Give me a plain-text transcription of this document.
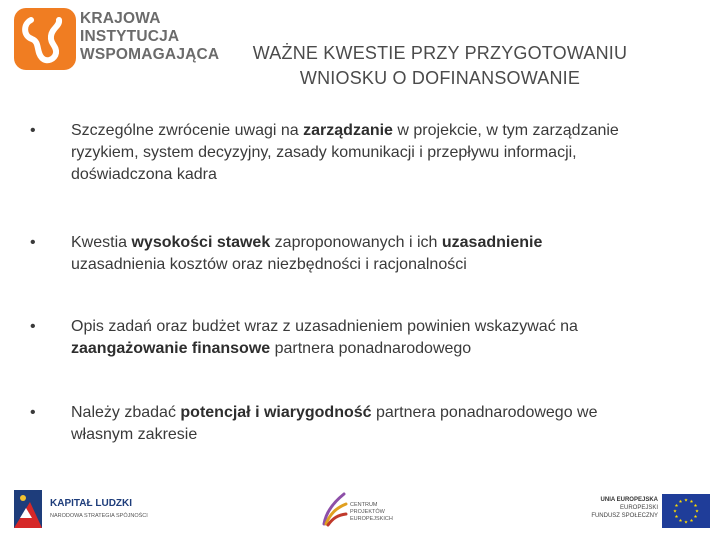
KRAJOWA
INSTYTUCJA
WSPOMAGAJĄCA	WAŻNE KWESTIE PRZY PRZYGOTOWANIU
WNIOSKU O DOFINANSOWANIE
•	Szczególne zwrócenie uwagi na zarządzanie w projekcie, w tym zarządzanie
ryzykiem, system decyzyjny, zasady komunikacji i przepływu informacji,
doświadczona kadra
•	Kwestia wysokości stawek zaproponowanych i ich uzasadnienie
uzasadnienia kosztów oraz niezbędności i racjonalności
•	Opis zadań oraz budżet wraz z uzasadnieniem powinien wskazywać na
zaangażowanie finansowe partnera ponadnarodowego
•	Należy zbadać potencjał i wiarygodność partnera ponadnarodowego we
własnym zakresie
KAPITAŁ LUDZKI
NARODOWA STRATEGIA SPÓJNOŚCI
CENTRUM PROJEKTÓW EUROPEJSKICH
UNIA EUROPEJSKA
EUROPEJSKI
FUNDUSZ SPOŁECZNY
